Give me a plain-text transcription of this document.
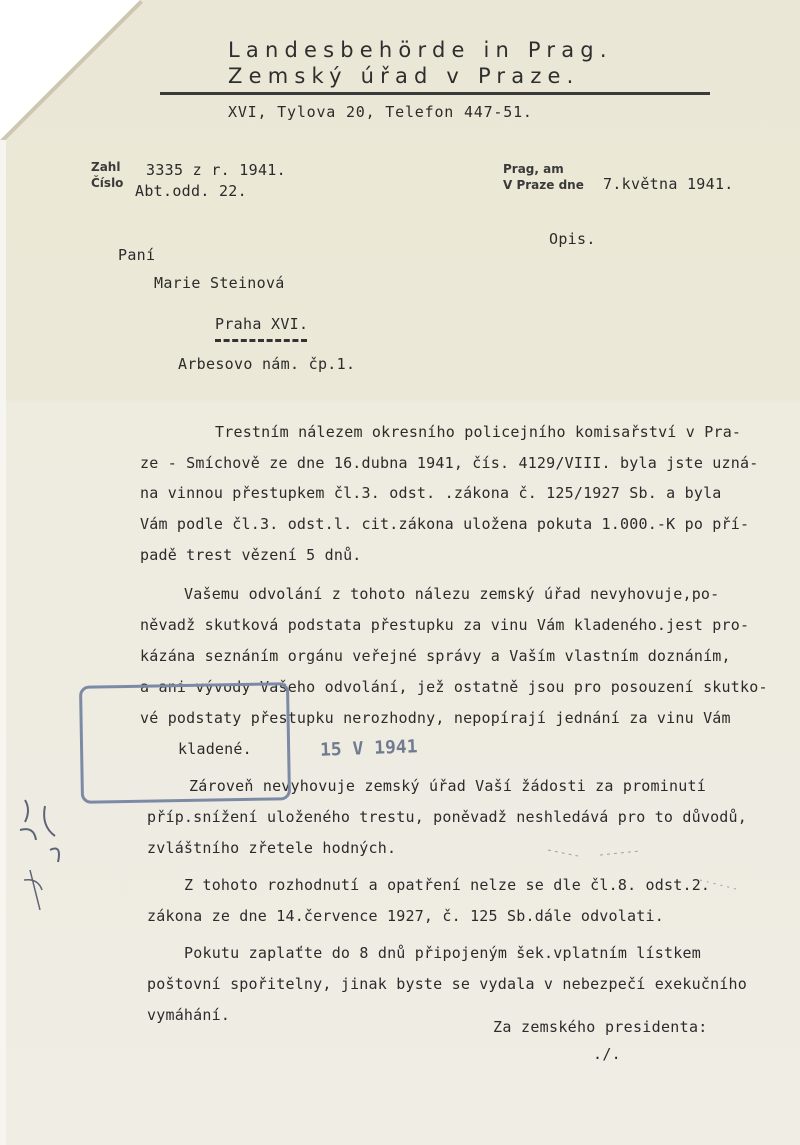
Landesbehörde in Prag.
Zemský úřad v Praze.
XVI, Tylova 20, Telefon 447-51.
Zahl
Číslo
3335 z r. 1941.
Abt.odd. 22.
Prag, am
V Praze dne 7.května 1941.
Opis.
Paní
Marie Steinová
Praha XVI.
Arbesovo nám. čp.1.
Trestním nálezem okresního policejního komisařství v Pra-
ze - Smíchově ze dne 16.dubna 1941, čís. 4129/VIII. byla jste uzná-
na vinnou přestupkem čl.3. odst. .zákona č. 125/1927 Sb. a byla
Vám podle čl.3. odst.l. cit.zákona uložena pokuta 1.000.-K po pří-
padě trest vězení 5 dnů.
Vašemu odvolání z tohoto nálezu zemský úřad nevyhovuje,po-
něvadž skutková podstata přestupku za vinu Vám kladeného.jest pro-
kázána seznáním orgánu veřejné správy a Vaším vlastním doznáním,
a ani vývody Vašeho odvolání, jež ostatně jsou pro posouzení skutko-
vé podstaty přestupku nerozhodny, nepopírají jednání za vinu Vám
kladené.
Zároveň nevyhovuje zemský úřad Vaší žádosti za prominutí
příp.snížení uloženého trestu, poněvadž neshledává pro to důvodů,
zvláštního zřetele hodných.
Z tohoto rozhodnutí a opatření nelze se dle čl.8. odst.2.
zákona ze dne 14.července 1927, č. 125 Sb.dále odvolati.
Pokutu zaplaťte do 8 dnů připojeným šek.vplatním lístkem
poštovní spořitelny, jinak byste se vydala v nebezpečí exekučního
vymáhání.
Za zemského presidenta:
./.
15 V 1941
